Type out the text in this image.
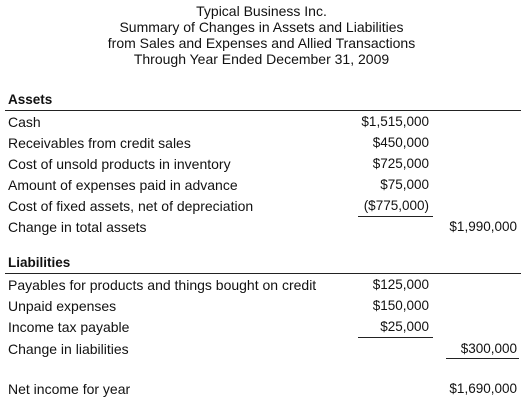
Typical Business Inc.
Summary of Changes in Assets and Liabilities
from Sales and Expenses and Allied Transactions
Through Year Ended December 31, 2009
Assets
Cash	$1,515,000
Receivables from credit sales	$450,000
Cost of unsold products in inventory	$725,000
Amount of expenses paid in advance	$75,000
Cost of fixed assets, net of depreciation	($775,000)
Change in total assets	$1,990,000
Liabilities
Payables for products and things bought on credit	$125,000
Unpaid expenses	$150,000
Income tax payable	$25,000
Change in liabilities	$300,000
Net income for year	$1,690,000
